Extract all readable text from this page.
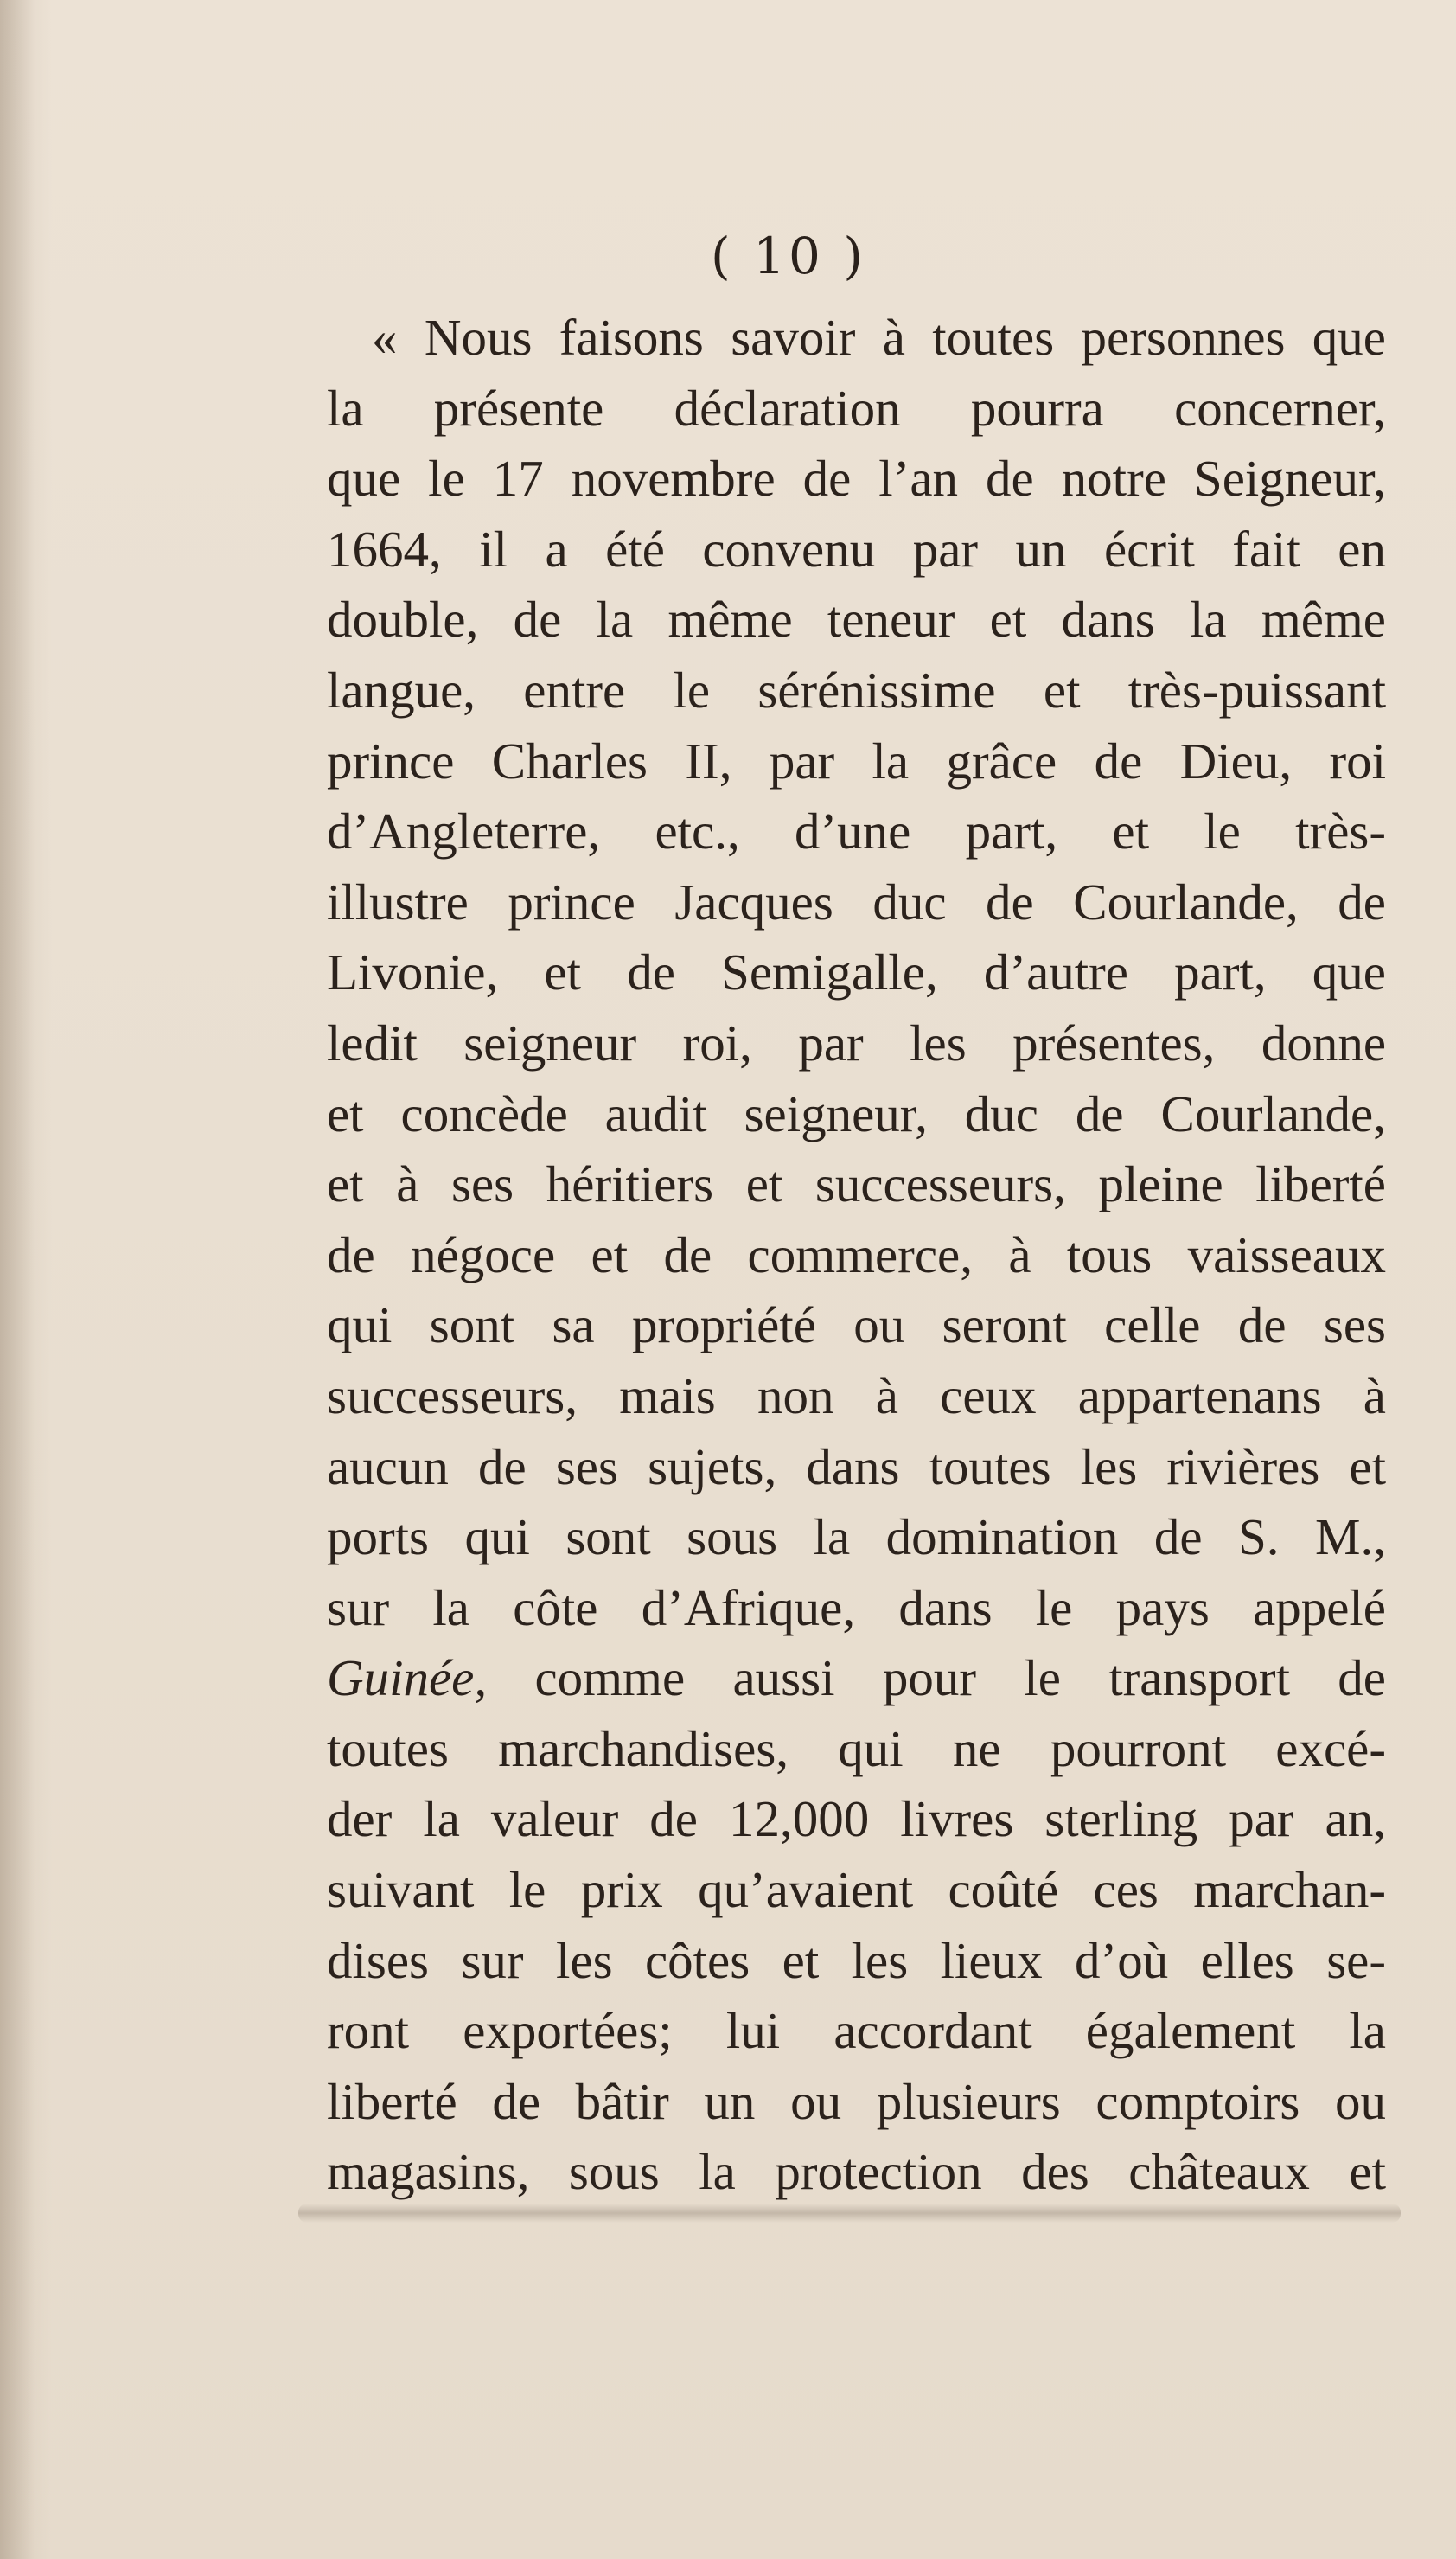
( 10 )
« Nous faisons savoir à toutes personnes que
la présente déclaration pourra concerner,
que le 17 novembre de l’an de notre Seigneur,
1664, il a été convenu par un écrit fait en
double, de la même teneur et dans la même
langue, entre le sérénissime et très-puissant
prince Charles II, par la grâce de Dieu, roi
d’Angleterre, etc., d’une part, et le très-
illustre prince Jacques duc de Courlande, de
Livonie, et de Semigalle, d’autre part, que
ledit seigneur roi, par les présentes, donne
et concède audit seigneur, duc de Courlande,
et à ses héritiers et successeurs, pleine liberté
de négoce et de commerce, à tous vaisseaux
qui sont sa propriété ou seront celle de ses
successeurs, mais non à ceux appartenans à
aucun de ses sujets, dans toutes les rivières et
ports qui sont sous la domination de S. M.,
sur la côte d’Afrique, dans le pays appelé
Guinée, comme aussi pour le transport de
toutes marchandises, qui ne pourront excé-
der la valeur de 12,000 livres sterling par an,
suivant le prix qu’avaient coûté ces marchan-
dises sur les côtes et les lieux d’où elles se-
ront exportées; lui accordant également la
liberté de bâtir un ou plusieurs comptoirs ou
magasins, sous la protection des châteaux et
